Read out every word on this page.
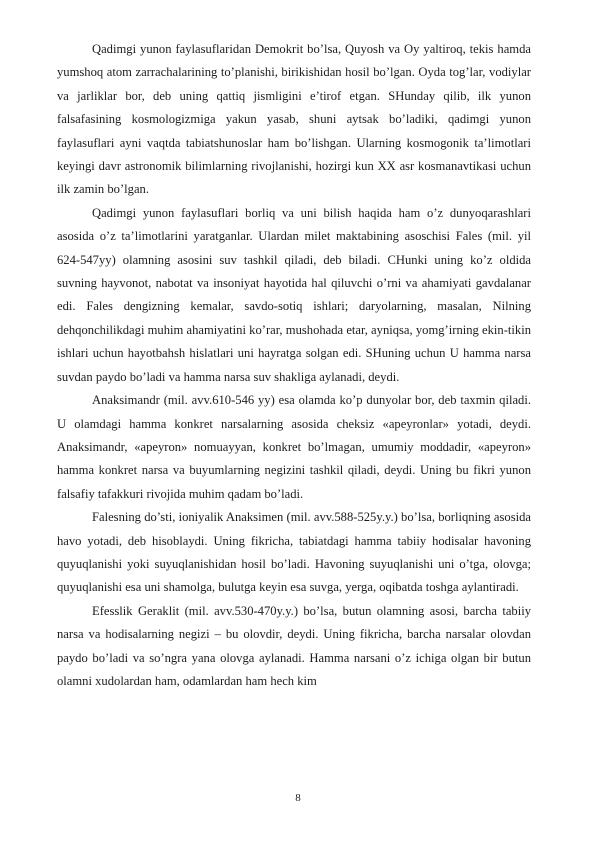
Qadimgi yunon faylasuflaridan Demokrit bo’lsa, Quyosh va Oy yaltiroq, tekis hamda yumshoq atom zarrachalarining to’planishi, birikishidan hosil bo’lgan. Oyda tog’lar, vodiylar va jarliklar bor, deb uning qattiq jismligini e’tirof etgan. SHunday qilib, ilk yunon falsafasining kosmologizmiga yakun yasab, shuni aytsak bo’ladiki, qadimgi yunon faylasuflari ayni vaqtda tabiatshunoslar ham bo’lishgan. Ularning kosmogonik ta’limotlari keyingi davr astronomik bilimlarning rivojlanishi, hozirgi kun XX asr kosmanavtikasi uchun ilk zamin bo’lgan.

Qadimgi yunon faylasuflari borliq va uni bilish haqida ham o’z dunyoqarashlari asosida o’z ta’limotlarini yaratganlar. Ulardan milet maktabining asoschisi Fales (mil. yil 624-547yy) olamning asosini suv tashkil qiladi, deb biladi. CHunki uning ko’z oldida suvning hayvonot, nabotat va insoniyat hayotida hal qiluvchi o’rni va ahamiyati gavdalanar edi. Fales dengizning kemalar, savdo-sotiq ishlari; daryolarning, masalan, Nilning dehqonchilikdagi muhim ahamiyatini ko’rar, mushohada etar, ayniqsa, yomg’irning ekin-tikin ishlari uchun hayotbahsh hislatlari uni hayratga solgan edi. SHuning uchun U hamma narsa suvdan paydo bo’ladi va hamma narsa suv shakliga aylanadi, deydi.

Anaksimandr (mil. avv.610-546 yy) esa olamda ko’p dunyolar bor, deb taxmin qiladi. U olamdagi hamma konkret narsalarning asosida cheksiz «apeyronlar» yotadi, deydi. Anaksimandr, «apeyron» nomuayyan, konkret bo’lmagan, umumiy moddadir, «apeyron» hamma konkret narsa va buyumlarning negizini tashkil qiladi, deydi. Uning bu fikri yunon falsafiy tafakkuri rivojida muhim qadam bo’ladi.

Falesning do’sti, ioniyalik Anaksimen (mil. avv.588-525y.y.) bo’lsa, borliqning asosida havo yotadi, deb hisoblaydi. Uning fikricha, tabiatdagi hamma tabiiy hodisalar havoning quyuqlanishi yoki suyuqlanishidan hosil bo’ladi. Havoning suyuqlanishi uni o’tga, olovga; quyuqlanishi esa uni shamolga, bulutga keyin esa suvga, yerga, oqibatda toshga aylantiradi.

Efesslik Geraklit (mil. avv.530-470y.y.) bo’lsa, butun olamning asosi, barcha tabiiy narsa va hodisalarning negizi – bu olovdir, deydi. Uning fikricha, barcha narsalar olovdan paydo bo’ladi va so’ngra yana olovga aylanadi. Hamma narsani o’z ichiga olgan bir butun olamni xudolardan ham, odamlardan ham hech kim

8
